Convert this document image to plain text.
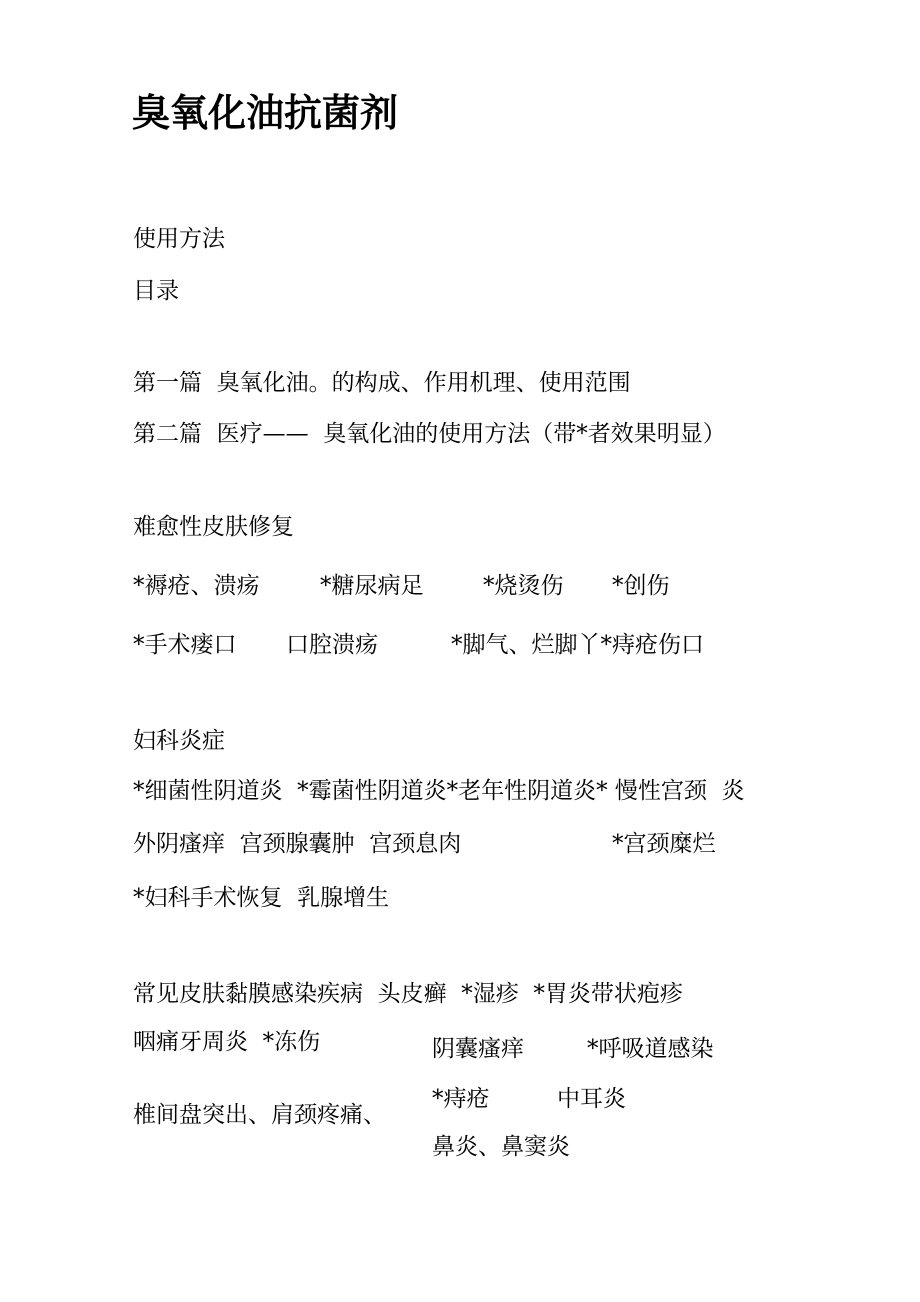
臭氧化油抗菌剂

使用方法

目录

第一篇  臭氧化油。的构成、作用机理、使用范围

第二篇  医疗——  臭氧化油的使用方法（带*者效果明显）

难愈性皮肤修复

*褥疮、溃疡	*糖尿病足	*烧烫伤 *创伤
*手术瘘口 口腔溃疡	*脚气、烂脚丫*痔疮伤口

妇科炎症

*细菌性阴道炎  *霉菌性阴道炎*老年性阴道炎* 慢性宫颈  炎

外阴瘙痒  宫颈腺囊肿  宫颈息肉	*宫颈糜烂

*妇科手术恢复  乳腺增生

常见皮肤黏膜感染疾病  头皮癣  *湿疹  *胃炎带状疱疹

咽痛牙周炎  *冻伤	阴囊瘙痒	*呼吸道感染
椎间盘突出、肩颈疼痛、
*痔疮	中耳炎
鼻炎、鼻窦炎
